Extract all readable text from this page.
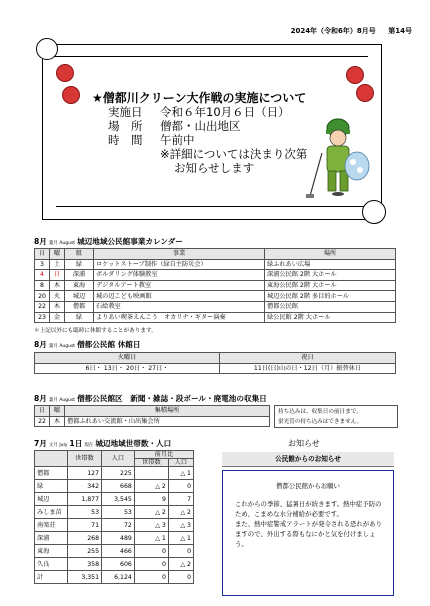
2024年（令和6年）8月号 第14号
★僧都川クリーン大作戦の実施について
実施日 令和６年10月６日（日）
場　所 僧都・山出地区
時　間 午前中
※詳細については決まり次第
お知らせします
8月 葉月 August 城辺地域公民館事業カレンダー
日	曜	組	事業	場所
3	土	緑	ロケットストーブ制作（緑自主防災会）	緑ふれあい広場
4	日	深浦	ボルダリング体験教室	深浦公民館 2階 大ホール
8	木	東海	デジタルアート教室	東海公民館 2階 大ホール
20	火	城辺	城の辺こども映画館	城辺公民館 2階 多目的ホール
22	木	僧都	石絵教室	僧都公民館
23	金	緑	よりあい喫茶えんこう　オカリナ・ギター演奏	緑公民館 2階 大ホール
＊上記以外にも臨時に休館することがあります。
8月 葉月 August 僧都公民館 休館日
火曜日	祝日
6日・ 13日・ 20日・ 27日・	11日(日)山の日・12日（月）振替休日
8月 葉月 August 僧都公民館区　新聞・雑誌・段ボール・廃電池の収集日
日	曜	集積場所
22	木	僧都ふれあい交流館・山出集会所
持ち込みは、収集日の前日まで。
蛍光管の持ち込みはできません。
7月 文月 July 1日 現在 城辺地域世帯数・人口
	世帯数	人口	前月比	
			世帯数	人口
僧都	127	225		△ 1
緑	342	668	△ 2	0
城辺	1,877	3,545	9	7
みしま苗	53	53	△ 2	△ 2
南楽荘	71	72	△ 3	△ 3
深浦	268	489	△ 1	△ 1
東海	255	466	0	0
久良	358	606	0	△ 2
計	3,351	6,124	0	0
お知らせ
公民館からのお知らせ
僧都公民館からお願い
これからの季節、猛暑日が続きます。熱中症予防のため、こまめな水分補給が必要です。
また、熱中症警戒アラートが発令される恐れがありますので、外出する際もなにかと気を付けましょう。
